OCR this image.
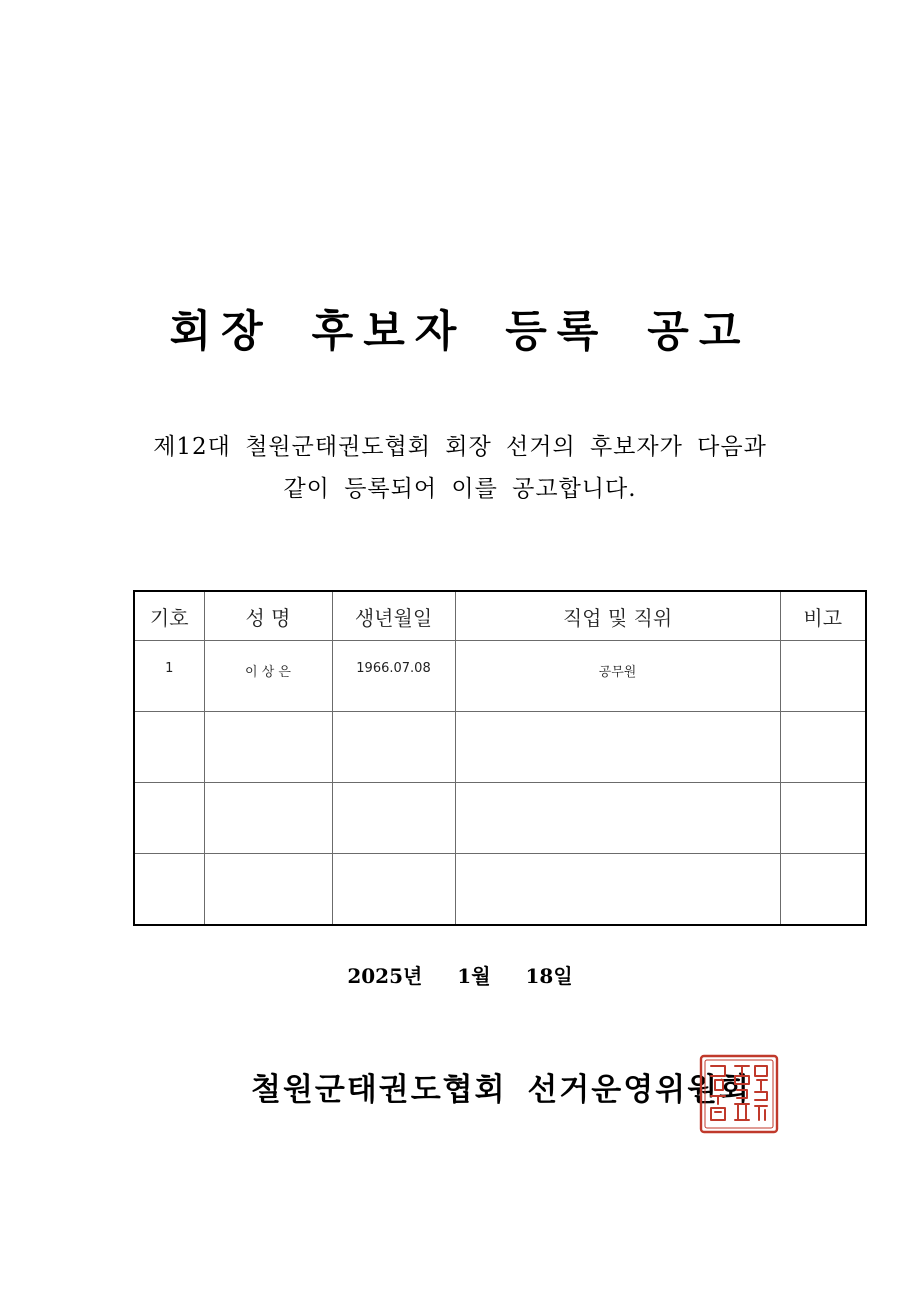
회장 후보자 등록 공고

제12대 철원군태권도협회 회장 선거의 후보자가 다음과

같이 등록되어 이를 공고합니다.

기호	성 명	생년월일	직업 및 직위	비고

1	이 상 은	1966.07.08	공무원	

2025년 1월 18일

철원군태권도협회 선거운영위원회
